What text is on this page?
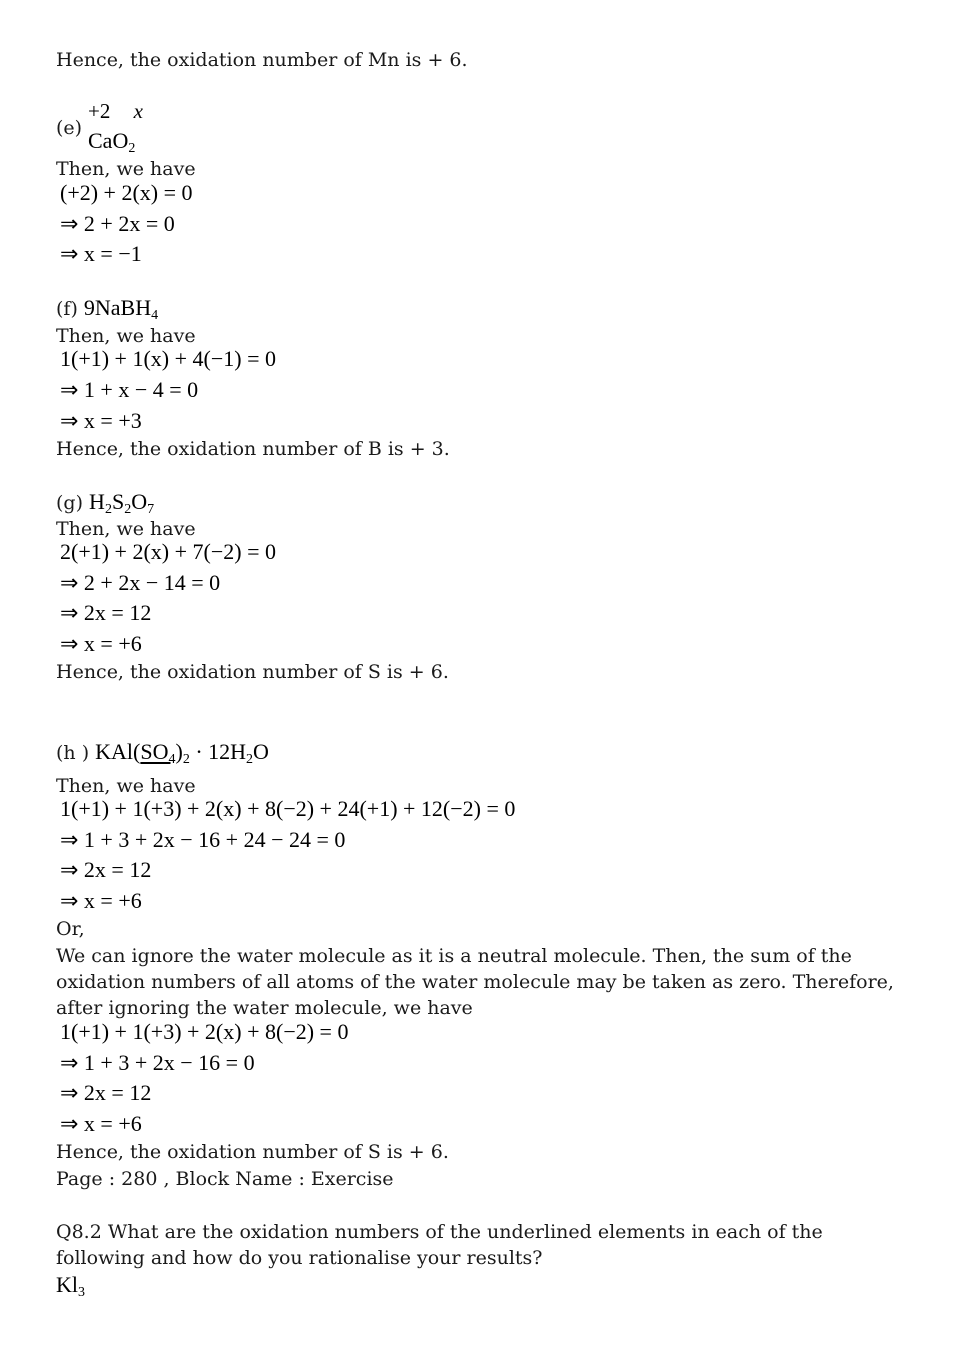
Hence, the oxidation number of Mn is + 6.
(e)
+2 x
CaO$_2$
Then, we have
(+2) + 2(x) = 0
⇒ 2 + 2x = 0
⇒ x = −1
(f) 9NaBH$_4$
Then, we have
1(+1) + 1(x) + 4(−1) = 0
⇒ 1 + x − 4 = 0
⇒ x = +3
Hence, the oxidation number of B is + 3.
(g) $H_2S_2O_7$
Then, we have
2(+1) + 2(x) + 7(−2) = 0
⇒ 2 + 2x − 14 = 0
⇒ 2x = 12
⇒ x = +6
Hence, the oxidation number of S is + 6.
(h ) $KAl(SO_4)_2 \cdot 12H_2O$
Then, we have
1(+1) + 1(+3) + 2(x) + 8(−2) + 24(+1) + 12(−2) = 0
⇒ 1 + 3 + 2x − 16 + 24 − 24 = 0
⇒ 2x = 12
⇒ x = +6
Or,
We can ignore the water molecule as it is a neutral molecule. Then, the sum of the oxidation numbers of all atoms of the water molecule may be taken as zero. Therefore, after ignoring the water molecule, we have
1(+1) + 1(+3) + 2(x) + 8(−2) = 0
⇒ 1 + 3 + 2x − 16 = 0
⇒ 2x = 12
⇒ x = +6
Hence, the oxidation number of S is + 6.
Page : 280 , Block Name : Exercise
Q8.2 What are the oxidation numbers of the underlined elements in each of the following and how do you rationalise your results?
$Kl_3$
